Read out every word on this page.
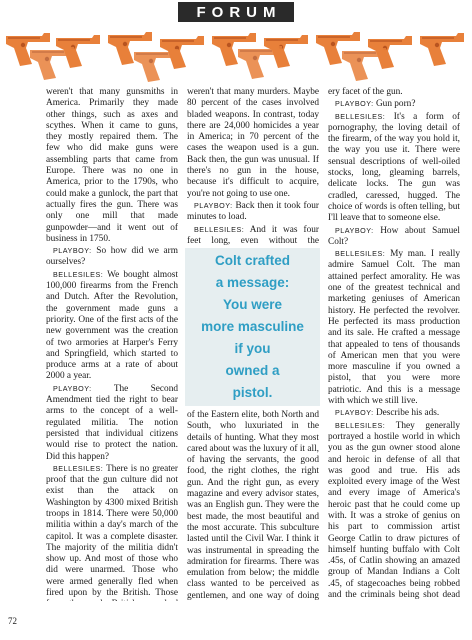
FORUM

weren't that many gunsmiths in America. Primarily they made other things, such as axes and scythes. When it came to guns, they mostly repaired them. The few who did make guns were assembling parts that came from Europe. There was no one in America, prior to the 1790s, who could make a gunlock, the part that actually fires the gun. There was only one mill that made gunpowder—and it went out of business in 1750.

PLAYBOY: So how did we arm ourselves?

BELLESILES: We bought almost 100,000 firearms from the French and Dutch. After the Revolution, the government made guns a priority. One of the first acts of the new government was the creation of two armories at Harper's Ferry and Springfield, which started to produce arms at a rate of about 2000 a year.

PLAYBOY: The Second Amendment tied the right to bear arms to the concept of a well-regulated militia. The notion persisted that individual citizens would rise to protect the nation. Did this happen?

BELLESILES: There is no greater proof that the gun culture did not exist than the attack on Washington by 4300 mixed British troops in 1814. There were 50,000 militia within a day's march of the capitol. It was a complete disaster. The majority of the militia didn't show up. And most of those who did were unarmed. Those who were armed generally fled when fired upon by the British. Those

weren't that many murders. Maybe 80 percent of the cases involved bladed weapons. In contrast, today there are 24,000 homicides a year in America; in 70 percent of the cases the weapon used is a gun. Back then, the gun was unusual. If there's no gun in the house, because it's difficult to acquire, you're not going to use one.

PLAYBOY: Back then it took four minutes to load.

BELLESILES: And it was four feet long, even without the

Colt crafted
a message:
You were
more masculine
if you
owned a
pistol.

of the Eastern elite, both North and South, who luxuriated in the details of hunting. What they most cared about was the luxury of it all, of having the servants, the good food, the right clothes, the right gun. And the right gun, as every magazine and every advisor states, was an English gun. They were the best made, the most beautiful and the most accurate. This subculture lasted until the Civil War. I think it was instrumental in spreading the admiration for firearms. There was emulation from below; the middle class wanted to be perceived as gentlemen, and one way of doing

ery facet of the gun.

PLAYBOY: Gun porn?

BELLESILES: It's a form of pornography, the loving detail of the firearm, of the way you hold it, the way you use it. There were sensual descriptions of well-oiled stocks, long, gleaming barrels, delicate locks. The gun was cradled, caressed, hugged. The choice of words is often telling, but I'll leave that to someone else.

PLAYBOY: How about Samuel Colt?

BELLESILES: My man. I really admire Samuel Colt. The man attained perfect amorality. He was one of the greatest technical and marketing geniuses of American history. He perfected the revolver. He perfected its mass production and its sale. He crafted a message that appealed to tens of thousands of American men that you were more masculine if you owned a pistol, that you were more patriotic. And this is a message with which we still live.

PLAYBOY: Describe his ads.

BELLESILES: They generally portrayed a hostile world in which you as the gun owner stood alone and heroic in defense of all that was good and true. His ads exploited every image of the West and every image of America's heroic past that he could come up with. It was a stroke of genius on his part to commission artist George Catlin to draw pictures of himself hunting buffalo with Colt .45s, of Catlin showing an amazed group of Mandan Indians a Colt .45, of stagecoaches being robbed and the criminals being shot dead

72
